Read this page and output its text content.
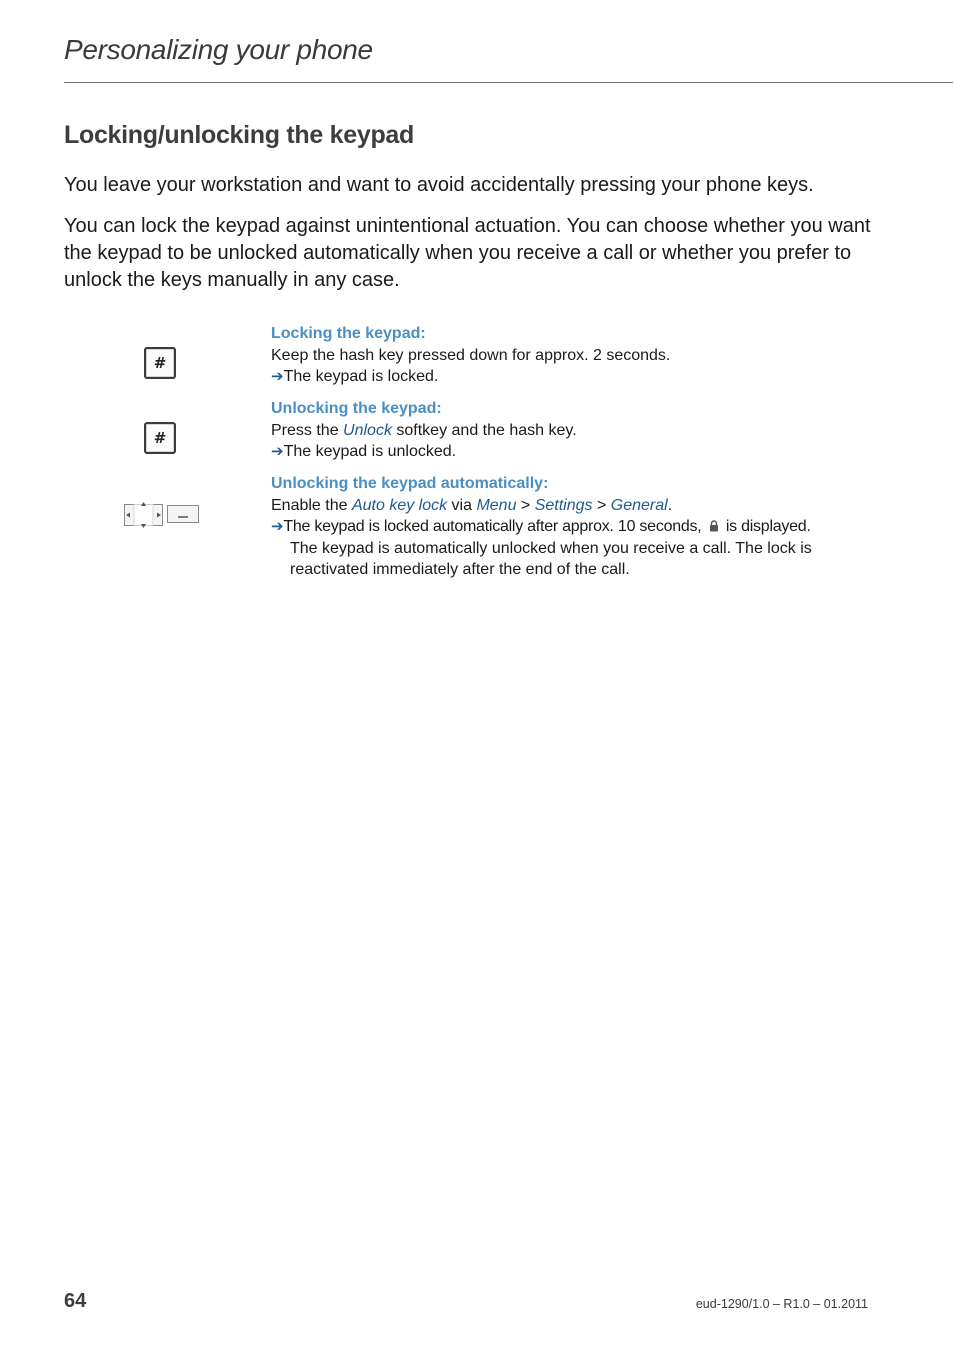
Personalizing your phone
Locking/unlocking the keypad
You leave your workstation and want to avoid accidentally pressing your phone keys.
You can lock the keypad against unintentional actuation. You can choose whether you want the keypad to be unlocked automatically when you receive a call or whether you prefer to unlock the keys manually in any case.
#
#
Locking the keypad:
Keep the hash key pressed down for approx. 2 seconds.
➔The keypad is locked.
Unlocking the keypad:
Press the Unlock softkey and the hash key.
➔The keypad is unlocked.
Unlocking the keypad automatically:
Enable the Auto key lock via Menu > Settings > General.
➔The keypad is locked automatically after approx. 10 seconds,  is displayed.
The keypad is automatically unlocked when you receive a call. The lock is reactivated immediately after the end of the call.
64	eud-1290/1.0 – R1.0 – 01.2011
